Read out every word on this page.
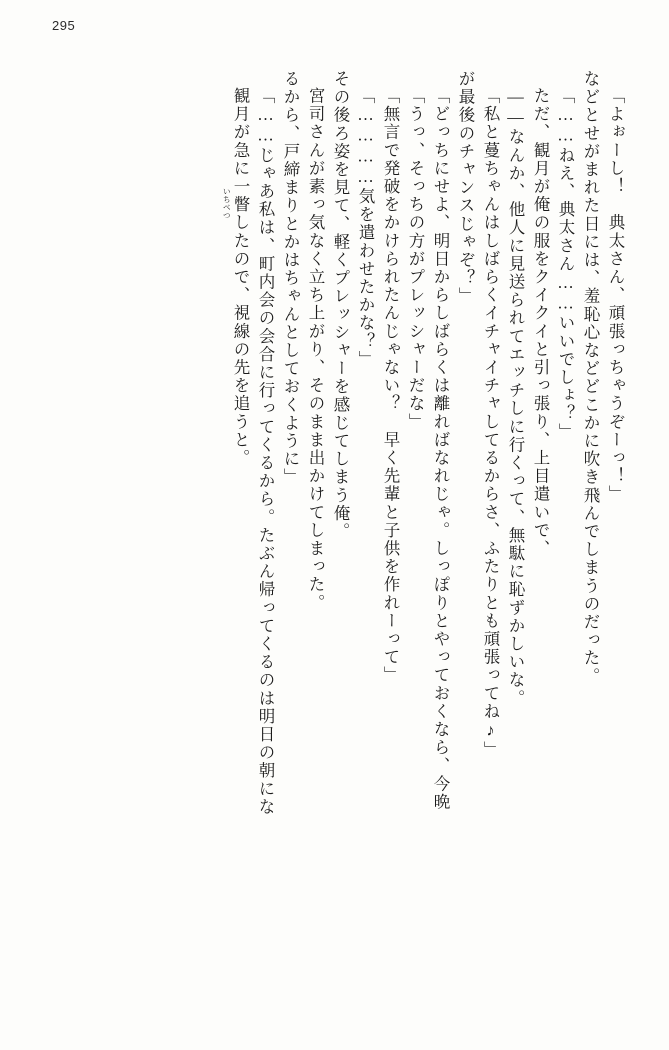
295
「よぉーし！　典太さん、頑張っちゃうぞーっ！」
などとせがまれた日には、羞恥心などどこかに吹き飛んでしまうのだった。
「……ねえ、典太さん……いいでしょ？」
ただ、観月が俺の服をクイクイと引っ張り、上目遣いで、
――なんか、他人に見送られてエッチしに行くって、無駄に恥ずかしいな。
「私と蔓ちゃんはしばらくイチャイチャしてるからさ、ふたりとも頑張ってね♪」
が最後のチャンスじゃぞ？」
「どっちにせよ、明日からしばらくは離ればなれじゃ。しっぽりとやっておくなら、今晩
「うっ、そっちの方がプレッシャーだな」
「無言で発破をかけられたんじゃない？　早く先輩と子供を作れーって」
「…………気を遣わせたかな？」
その後ろ姿を見て、軽くプレッシャーを感じてしまう俺。
宮司さんが素っ気なく立ち上がり、そのまま出かけてしまった。
るから、戸締まりとかはちゃんとしておくように」
「……じゃあ私は、町内会の会合に行ってくるから。たぶん帰ってくるのは明日の朝にな
観月が急に一瞥したので、視線の先を追うと。
いちべつ
